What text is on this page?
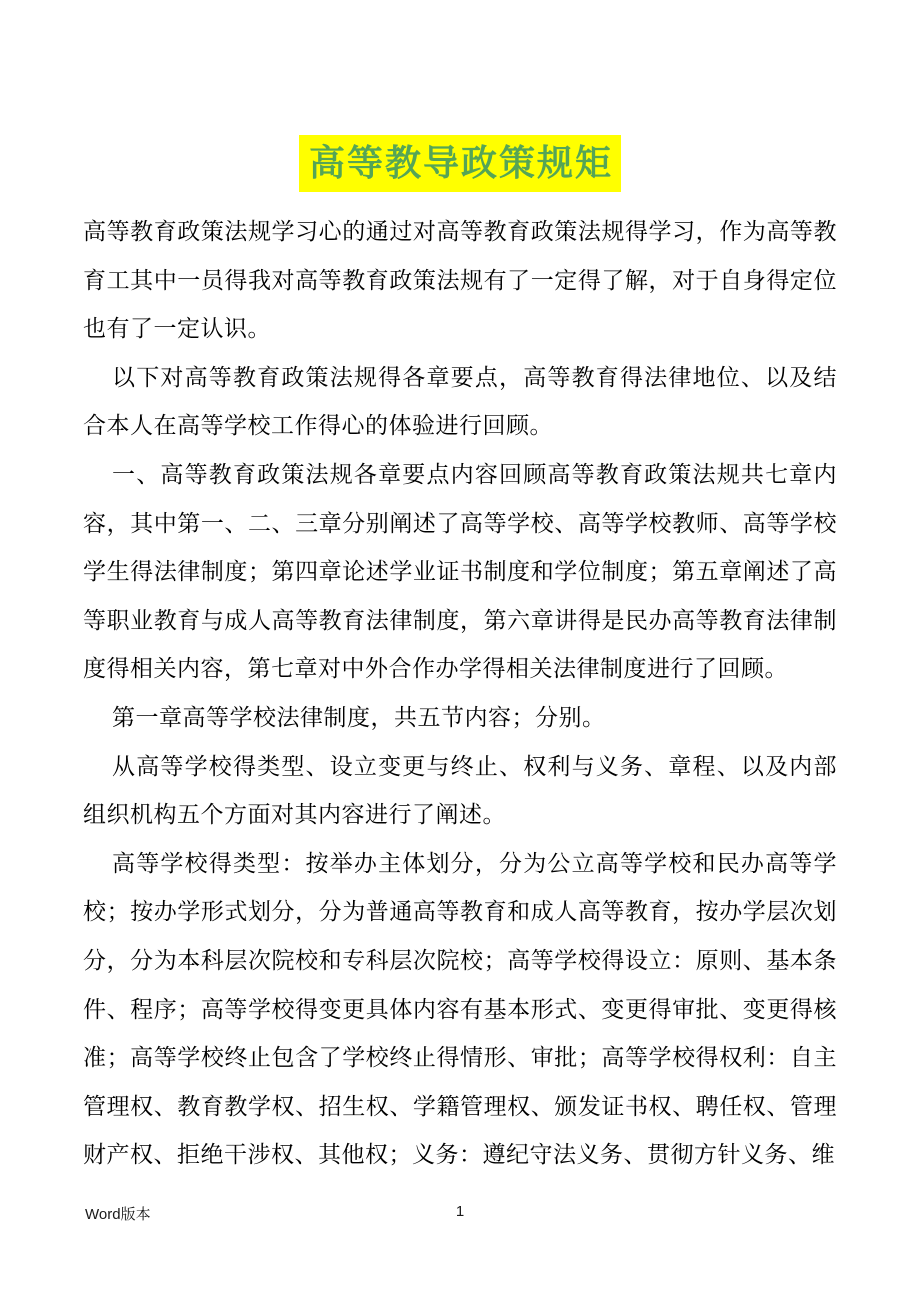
高等教导政策规矩

高等教育政策法规学习心的通过对高等教育政策法规得学习，作为高等教育工其中一员得我对高等教育政策法规有了一定得了解，对于自身得定位也有了一定认识。

以下对高等教育政策法规得各章要点，高等教育得法律地位、以及结合本人在高等学校工作得心的体验进行回顾。

一、高等教育政策法规各章要点内容回顾高等教育政策法规共七章内容，其中第一、二、三章分别阐述了高等学校、高等学校教师、高等学校学生得法律制度；第四章论述学业证书制度和学位制度；第五章阐述了高等职业教育与成人高等教育法律制度，第六章讲得是民办高等教育法律制度得相关内容，第七章对中外合作办学得相关法律制度进行了回顾。

第一章高等学校法律制度，共五节内容；分别。

从高等学校得类型、设立变更与终止、权利与义务、章程、以及内部组织机构五个方面对其内容进行了阐述。

高等学校得类型：按举办主体划分，分为公立高等学校和民办高等学校；按办学形式划分，分为普通高等教育和成人高等教育，按办学层次划分，分为本科层次院校和专科层次院校；高等学校得设立：原则、基本条件、程序；高等学校得变更具体内容有基本形式、变更得审批、变更得核准；高等学校终止包含了学校终止得情形、审批；高等学校得权利：自主管理权、教育教学权、招生权、学籍管理权、颁发证书权、聘任权、管理财产权、拒绝干涉权、其他权；义务：遵纪守法义务、贯彻方针义务、维

Word版本	1
